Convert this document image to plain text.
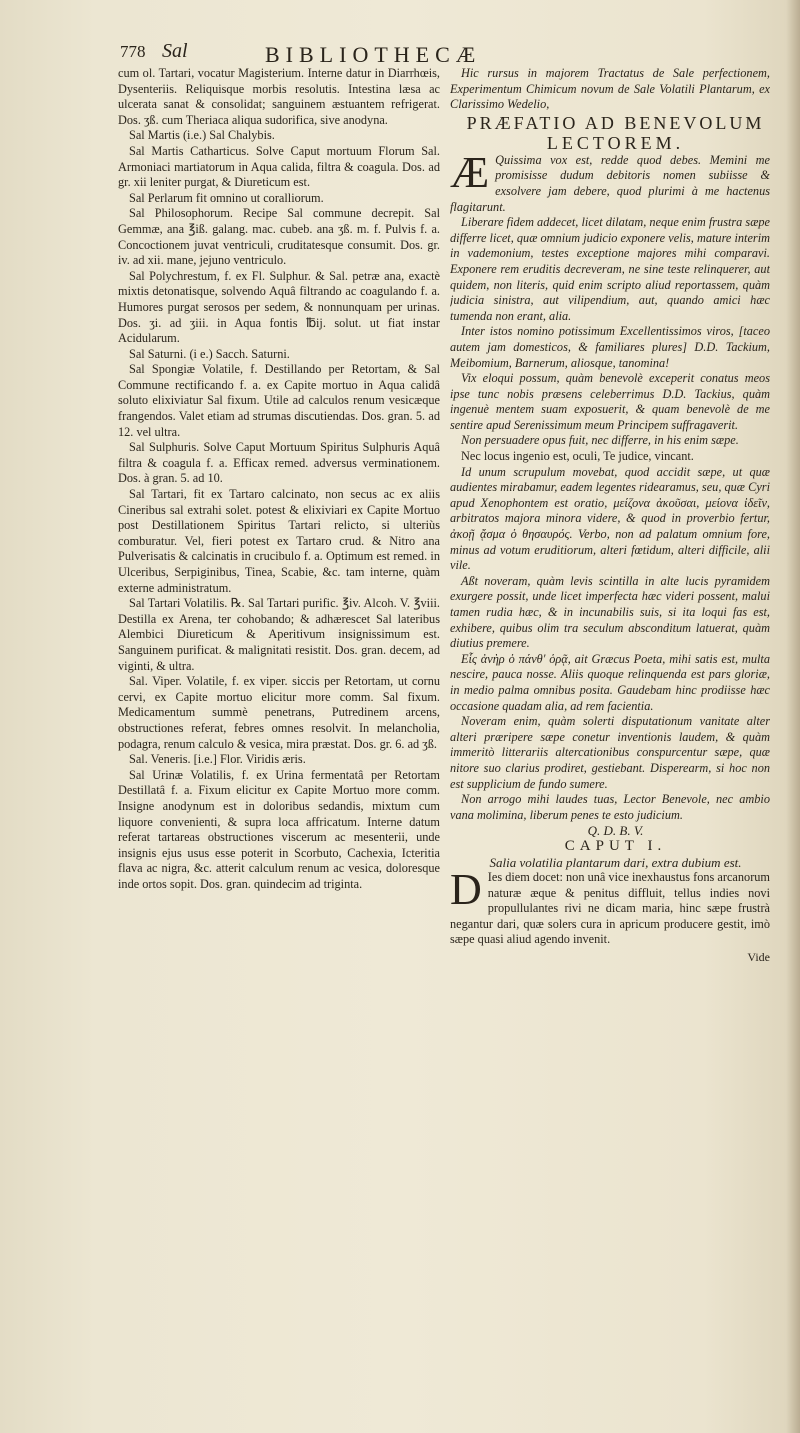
778 Sal	BIBLIOTHECÆ

cum ol. Tartari, vocatur Magisterium. Interne datur in Diarrhœis, Dysenteriis. Reliquisque morbis resolutis. Intestina læsa ac ulcerata sanat & consolidat; sanguinem æstuantem refrigerat. Dos. ʒß. cum Theriaca aliqua sudorifica, sive anodyna.

Sal Martis (i.e.) Sal Chalybis.

Sal Martis Catharticus. Solve Caput mortuum Florum Sal. Armoniaci martiatorum in Aqua calida, filtra & coagula. Dos. ad gr. xii leniter purgat, & Diureticum est.

Sal Perlarum fit omnino ut coralliorum.

Sal Philosophorum. Recipe Sal commune decrepit. Sal Gemmæ, ana ℥iß. galang. mac. cubeb. ana ʒß. m. f. Pulvis f. a. Concoctionem juvat ventriculi, cruditatesque consumit. Dos. gr. iv. ad xii. mane, jejuno ventriculo.

Sal Polychrestum, f. ex Fl. Sulphur. & Sal. petræ ana, exactè mixtis detonatisque, solvendo Aquâ filtrando ac coagulando f. a. Humores purgat serosos per sedem, & nonnunquam per urinas. Dos. ʒi. ad ʒiii. in Aqua fontis ℔ij. solut. ut fiat instar Acidularum.

Sal Saturni. (i e.) Sacch. Saturni.

Sal Spongiæ Volatile, f. Destillando per Retortam, & Sal Commune rectificando f. a. ex Capite mortuo in Aqua calidâ soluto elixiviatur Sal fixum. Utile ad calculos renum vesicæque frangendos. Valet etiam ad strumas discutiendas. Dos. gran. 5. ad 12. vel ultra.

Sal Sulphuris. Solve Caput Mortuum Spiritus Sulphuris Aquâ filtra & coagula f. a. Efficax remed. adversus verminationem. Dos. à gran. 5. ad 10.

Sal Tartari, fit ex Tartaro calcinato, non secus ac ex aliis Cineribus sal extrahi solet. potest & elixiviari ex Capite Mortuo post Destillationem Spiritus Tartari relicto, si ulteriùs comburatur. Vel, fieri potest ex Tartaro crud. & Nitro ana Pulverisatis & calcinatis in crucibulo f. a. Optimum est remed. in Ulceribus, Serpiginibus, Tinea, Scabie, &c. tam interne, quàm externe administratum.

Sal Tartari Volatilis. ℞. Sal Tartari purific. ℥iv. Alcoh. V. ℥viii. Destilla ex Arena, ter cohobando; & adhærescet Sal lateribus Alembici Diureticum & Aperitivum insignissimum est. Sanguinem purificat. & malignitati resistit. Dos. gran. decem, ad viginti, & ultra.

Sal. Viper. Volatile, f. ex viper. siccis per Retortam, ut cornu cervi, ex Capite mortuo elicitur more comm. Sal fixum. Medicamentum summè penetrans, Putredinem arcens, obstructiones referat, febres omnes resolvit. In melancholia, podagra, renum calculo & vesica, mira præstat. Dos. gr. 6. ad ʒß.

Sal. Veneris. [i.e.] Flor. Viridis æris.

Sal Urinæ Volatilis, f. ex Urina fermentatâ per Retortam Destillatâ f. a. Fixum elicitur ex Capite Mortuo more comm. Insigne anodynum est in doloribus sedandis, mixtum cum liquore convenienti, & supra loca affricatum. Interne datum referat tartareas obstructiones viscerum ac mesenterii, unde insignis ejus usus esse poterit in Scorbuto, Cachexia, Icteritia flava ac nigra, &c. atterit calculum renum ac vesica, doloresque inde ortos sopit. Dos. gran. quindecim ad triginta.

Hic rursus in majorem Tractatus de Sale perfectionem, Experimentum Chimicum novum de Sale Volatili Plantarum, ex Clarissimo Wedelio,

PRÆFATIO AD BENEVOLUM

LECTOREM.

Æ Quissima vox est, redde quod debes. Memini me promisisse dudum debitoris nomen subiisse & exsolvere jam debere, quod plurimi à me hactenus flagitarunt.

Liberare fidem addecet, licet dilatam, neque enim frustra sæpe differre licet, quæ omnium judicio exponere velis, mature interim in vademonium, testes exceptione majores mihi comparavi. Exponere rem eruditis decreveram, ne sine teste relinquerer, aut quidem, non literis, quid enim scripto aliud reportassem, quàm judicia sinistra, aut vilipendium, aut, quando amici hæc tumenda non erant, alia.

Inter istos nomino potissimum Excellentissimos viros, [taceo autem jam domesticos, & familiares plures] D.D. Tackium, Meibomium, Barnerum, aliosque, tanomina!

Vix eloqui possum, quàm benevolè exceperit conatus meos ipse tunc nobis præsens celeberrimus D.D. Tackius, quàm ingenuè mentem suam exposuerit, & quam benevolè de me sentire apud Serenissimum meum Principem suffragaverit.

Non persuadere opus fuit, nec differre, in his enim sæpe.

Nec locus ingenio est, oculi, Te judice, vincant.

Id unum scrupulum movebat, quod accidit sæpe, ut quæ audientes mirabamur, eadem legentes ridearamus, seu, quæ Cyri apud Xenophontem est oratio, μείζονα ἀκοῦσαι, μείονα ἰδεῖν, arbitratos majora minora videre, & quod in proverbio fertur, ἀκοῇ ᾄσμα ὁ θησαυρός. Verbo, non ad palatum omnium fore, minus ad votum eruditiorum, alteri fœtidum, alteri difficile, alii vile.

Aßt noveram, quàm levis scintilla in alte lucis pyramidem exurgere possit, unde licet imperfecta hæc videri possent, malui tamen rudia hæc, & in incunabilis suis, si ita loqui fas est, exhibere, quibus olim tra seculum absconditum latuerat, quàm diutius premere.

Εἷς ἀνὴρ ὁ πάνθ' ὁρᾷ, ait Græcus Poeta, mihi satis est, multa nescire, pauca nosse. Aliis quoque relinquenda est pars gloriæ, in medio palma omnibus posita. Gaudebam hinc prodiisse hæc occasione quadam alia, ad rem facientia.

Noveram enim, quàm solerti disputationum vanitate alter alteri præripere sæpe conetur inventionis laudem, & quàm immeritò litterariis altercationibus conspurcentur sæpe, quæ nitore suo clarius prodiret, gestiebant. Disperearm, si hoc non est supplicium de fundo sumere.

Non arrogo mihi laudes tuas, Lector Benevole, nec ambio vana molimina, liberum penes te esto judicium.

Q. D. B. V.

CAPUT I.

Salia volatilia plantarum dari, extra dubium est.

D Ies diem docet: non unâ vice inexhaustus fons arcanorum naturæ æque & penitus diffluit, tellus indies novi propullulantes rivi ne dicam maria, hinc sæpe frustrà negantur dari, quæ solers cura in apricum producere gestit, imò sæpe quasi aliud agendo invenit.

Vide
